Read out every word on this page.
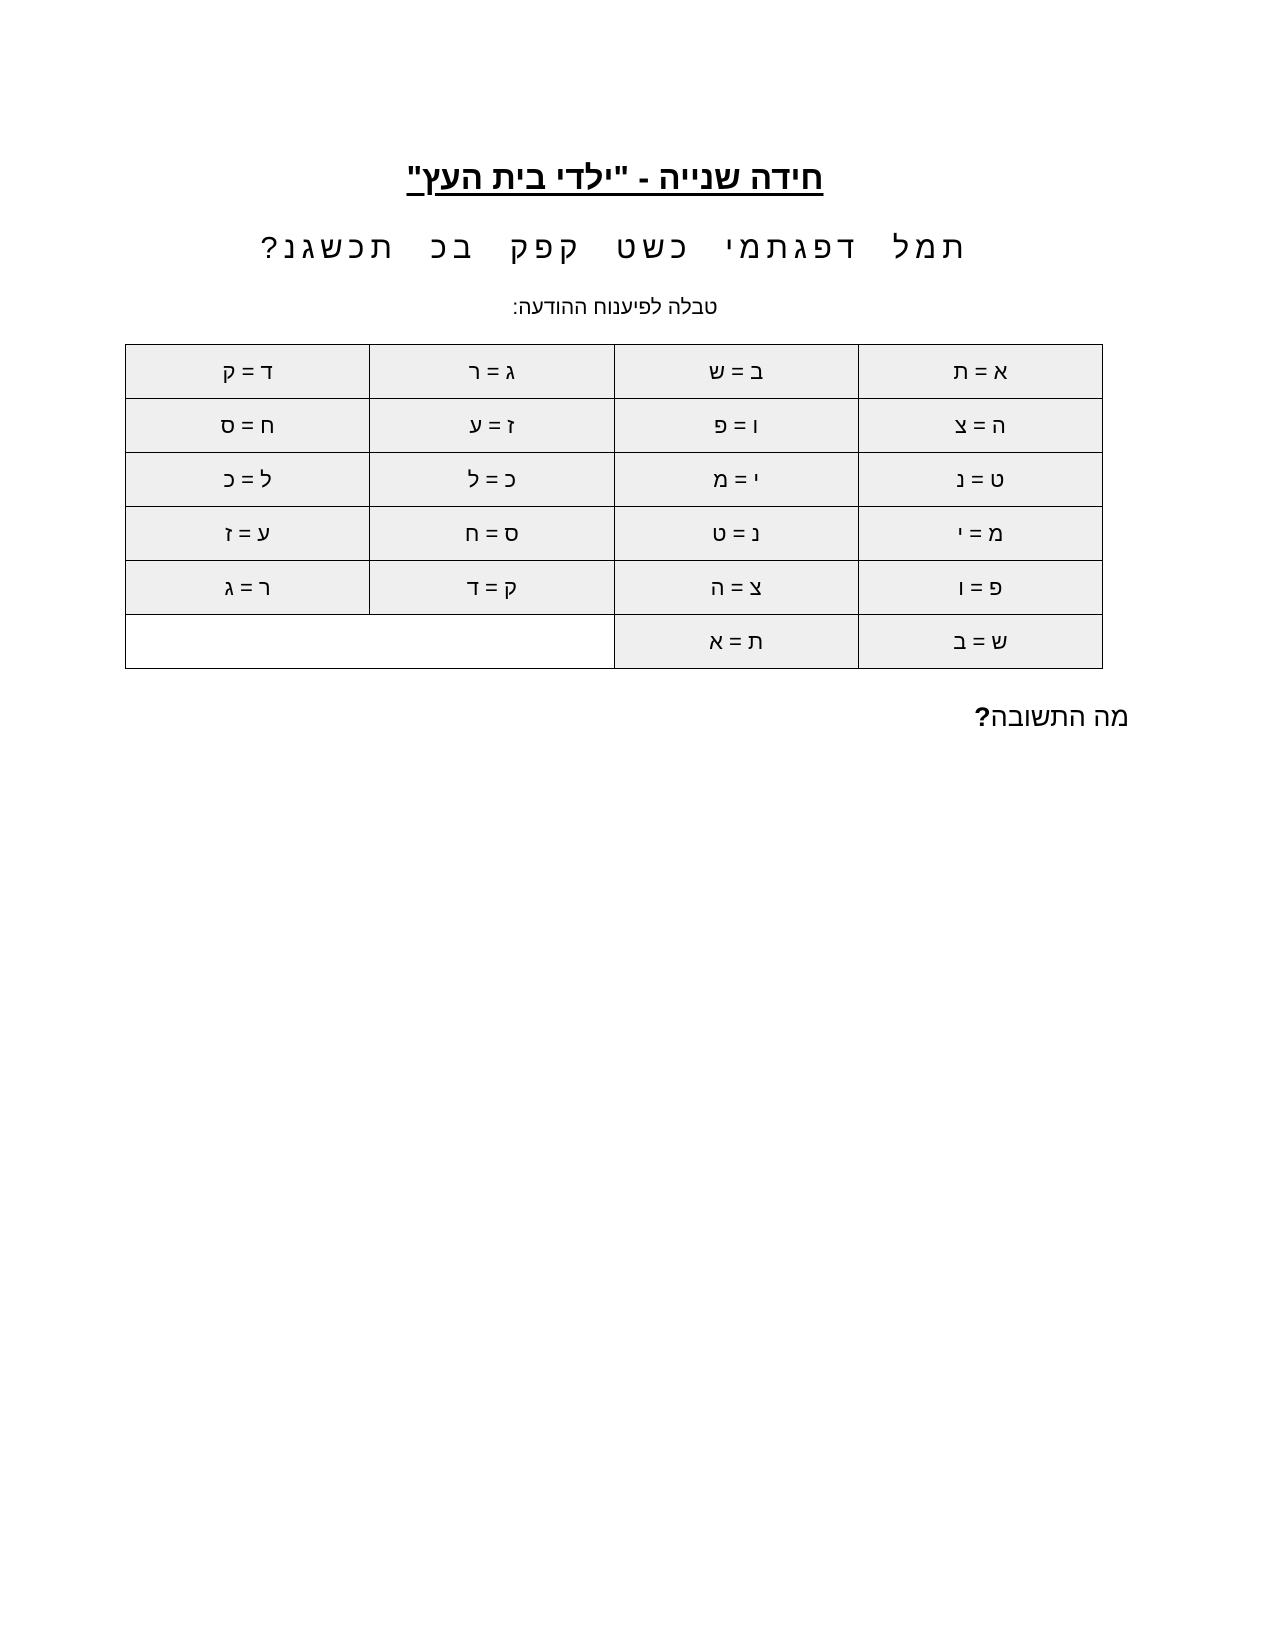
חידה שנייה - "ילדי בית העץ"
תמל דפגתמי כשט קפק בכ תכשגנ?
טבלה לפיענוח ההודעה:
א = ת	ב = ש	ג = ר	ד = ק
ה = צ	ו = פ	ז = ע	ח = ס
ט = נ	י = מ	כ = ל	ל = כ
מ = י	נ = ט	ס = ח	ע = ז
פ = ו	צ = ה	ק = ד	ר = ג
ש = ב	ת = א		
מה התשובה?
